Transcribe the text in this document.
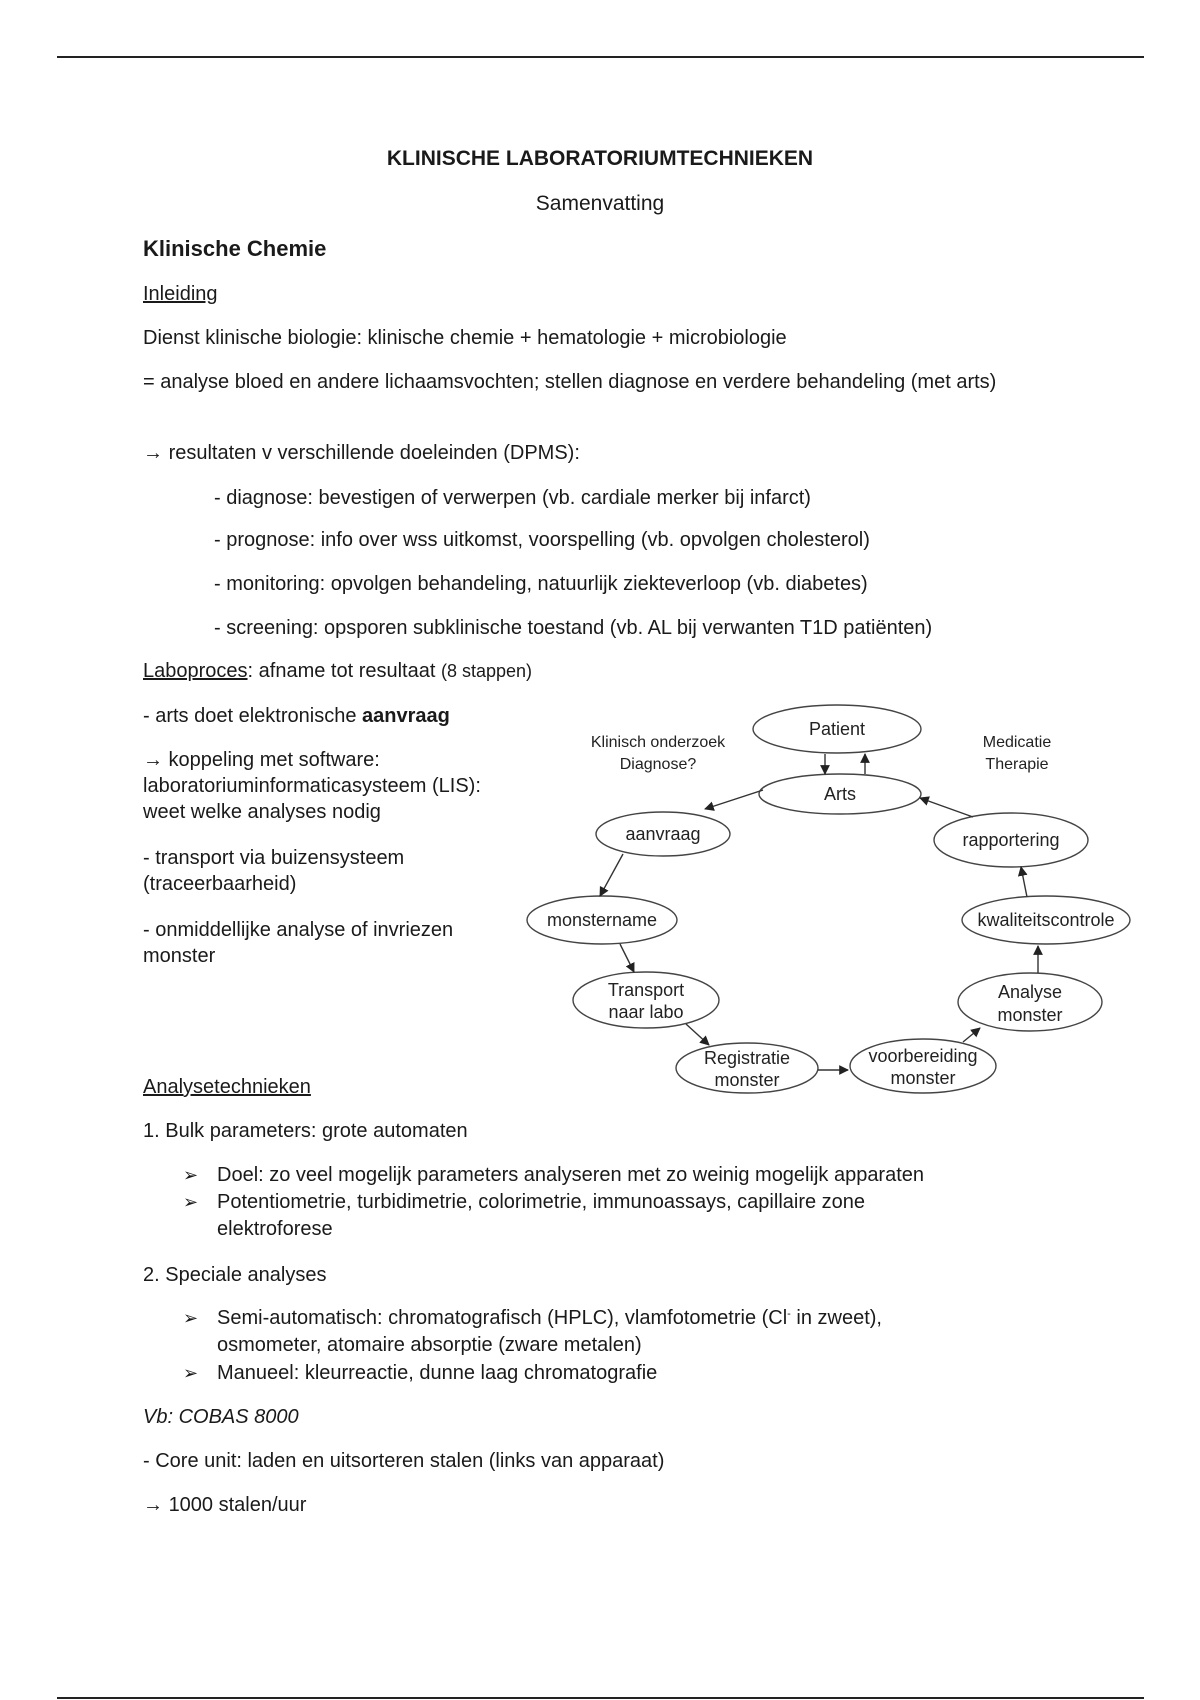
KLINISCHE LABORATORIUMTECHNIEKEN
Samenvatting
Klinische Chemie
Inleiding
Dienst klinische biologie: klinische chemie + hematologie + microbiologie
= analyse bloed en andere lichaamsvochten; stellen diagnose en verdere behandeling (met arts)
→ resultaten v verschillende doeleinden (DPMS):
- diagnose: bevestigen of verwerpen (vb. cardiale merker bij infarct)
- prognose: info over wss uitkomst, voorspelling (vb. opvolgen cholesterol)
- monitoring: opvolgen behandeling, natuurlijk ziekteverloop (vb. diabetes)
- screening: opsporen subklinische toestand (vb. AL bij verwanten T1D patiënten)
Laboproces: afname tot resultaat (8 stappen)
- arts doet elektronische aanvraag
→ koppeling met software: laboratoriuminformaticasysteem (LIS): weet welke analyses nodig
- transport via buizensysteem (traceerbaarheid)
- onmiddellijke analyse of invriezen monster
Analysetechnieken
1. Bulk parameters: grote automaten
➢ Doel: zo veel mogelijk parameters analyseren met zo weinig mogelijk apparaten
➢ Potentiometrie, turbidimetrie, colorimetrie, immunoassays, capillaire zone elektroforese
2. Speciale analyses
➢ Semi-automatisch: chromatografisch (HPLC), vlamfotometrie (Cl- in zweet), osmometer, atomaire absorptie (zware metalen)
➢ Manueel: kleurreactie, dunne laag chromatografie
Vb: COBAS 8000
- Core unit: laden en uitsorteren stalen (links van apparaat)
→ 1000 stalen/uur
Patient
Arts
aanvraag
monstername
Transport
naar labo
Registratie
monster
voorbereiding
monster
Analyse
monster
kwaliteitscontrole
rapportering
Klinisch onderzoek
Diagnose?
Medicatie
Therapie
